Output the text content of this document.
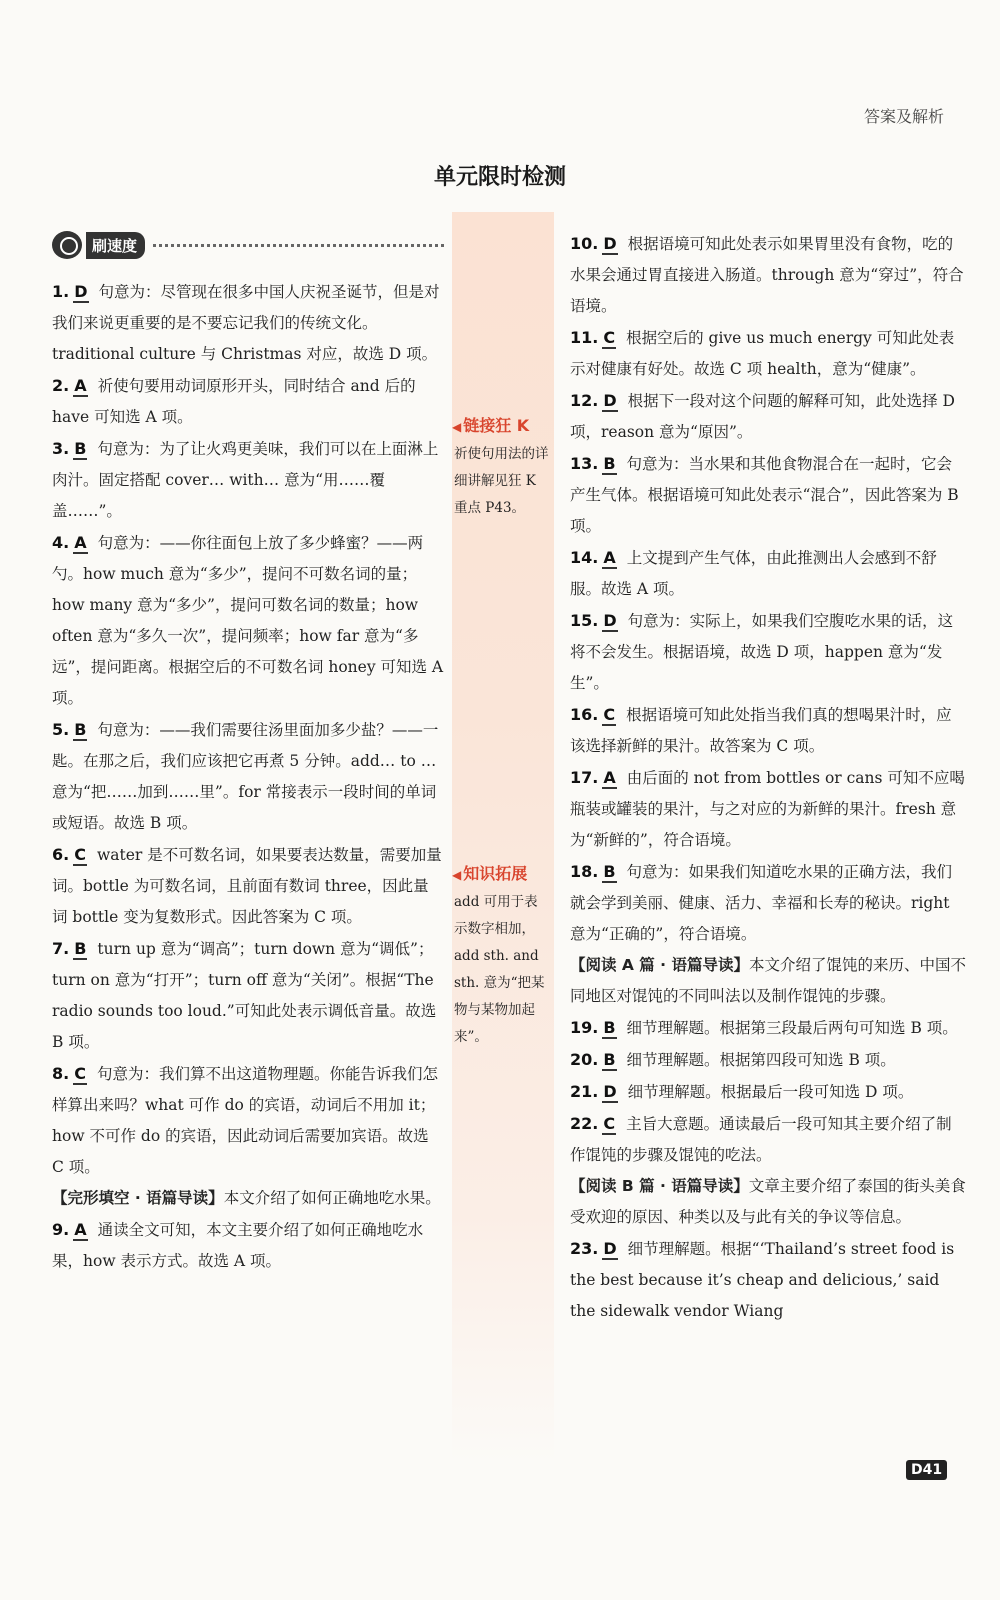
答案及解析
单元限时检测
◀ 链接狂 K
祈使句用法的详细讲解见狂 K 重点 P43。
◀ 知识拓展
add 可用于表示数字相加，add sth. and sth. 意为“把某物与某物加起来”。
刷速度
1. D 句意为：尽管现在很多中国人庆祝圣诞节，但是对我们来说更重要的是不要忘记我们的传统文化。traditional culture 与 Christmas 对应，故选 D 项。
2. A 祈使句要用动词原形开头，同时结合 and 后的 have 可知选 A 项。
3. B 句意为：为了让火鸡更美味，我们可以在上面淋上肉汁。固定搭配 cover… with… 意为“用……覆盖……”。
4. A 句意为：——你往面包上放了多少蜂蜜？——两勺。how much 意为“多少”，提问不可数名词的量；how many 意为“多少”，提问可数名词的数量；how often 意为“多久一次”，提问频率；how far 意为“多远”，提问距离。根据空后的不可数名词 honey 可知选 A 项。
5. B 句意为：——我们需要往汤里面加多少盐？——一匙。在那之后，我们应该把它再煮 5 分钟。add… to … 意为“把……加到……里”。for 常接表示一段时间的单词或短语。故选 B 项。
6. C water 是不可数名词，如果要表达数量，需要加量词。bottle 为可数名词，且前面有数词 three，因此量词 bottle 变为复数形式。因此答案为 C 项。
7. B turn up 意为“调高”；turn down 意为“调低”；turn on 意为“打开”；turn off 意为“关闭”。根据“The radio sounds too loud.”可知此处表示调低音量。故选 B 项。
8. C 句意为：我们算不出这道物理题。你能告诉我们怎样算出来吗？what 可作 do 的宾语，动词后不用加 it；how 不可作 do 的宾语，因此动词后需要加宾语。故选 C 项。
【完形填空 · 语篇导读】本文介绍了如何正确地吃水果。
9. A 通读全文可知，本文主要介绍了如何正确地吃水果，how 表示方式。故选 A 项。
10. D 根据语境可知此处表示如果胃里没有食物，吃的水果会通过胃直接进入肠道。through 意为“穿过”，符合语境。
11. C 根据空后的 give us much energy 可知此处表示对健康有好处。故选 C 项 health，意为“健康”。
12. D 根据下一段对这个问题的解释可知，此处选择 D 项，reason 意为“原因”。
13. B 句意为：当水果和其他食物混合在一起时，它会产生气体。根据语境可知此处表示“混合”，因此答案为 B 项。
14. A 上文提到产生气体，由此推测出人会感到不舒服。故选 A 项。
15. D 句意为：实际上，如果我们空腹吃水果的话，这将不会发生。根据语境，故选 D 项，happen 意为“发生”。
16. C 根据语境可知此处指当我们真的想喝果汁时，应该选择新鲜的果汁。故答案为 C 项。
17. A 由后面的 not from bottles or cans 可知不应喝瓶装或罐装的果汁，与之对应的为新鲜的果汁。fresh 意为“新鲜的”，符合语境。
18. B 句意为：如果我们知道吃水果的正确方法，我们就会学到美丽、健康、活力、幸福和长寿的秘诀。right 意为“正确的”，符合语境。
【阅读 A 篇 · 语篇导读】本文介绍了馄饨的来历、中国不同地区对馄饨的不同叫法以及制作馄饨的步骤。
19. B 细节理解题。根据第三段最后两句可知选 B 项。
20. B 细节理解题。根据第四段可知选 B 项。
21. D 细节理解题。根据最后一段可知选 D 项。
22. C 主旨大意题。通读最后一段可知其主要介绍了制作馄饨的步骤及馄饨的吃法。
【阅读 B 篇 · 语篇导读】文章主要介绍了泰国的街头美食受欢迎的原因、种类以及与此有关的争议等信息。
23. D 细节理解题。根据“‘Thailand’s street food is the best because it’s cheap and delicious,’ said the sidewalk vendor Wiang
D41
